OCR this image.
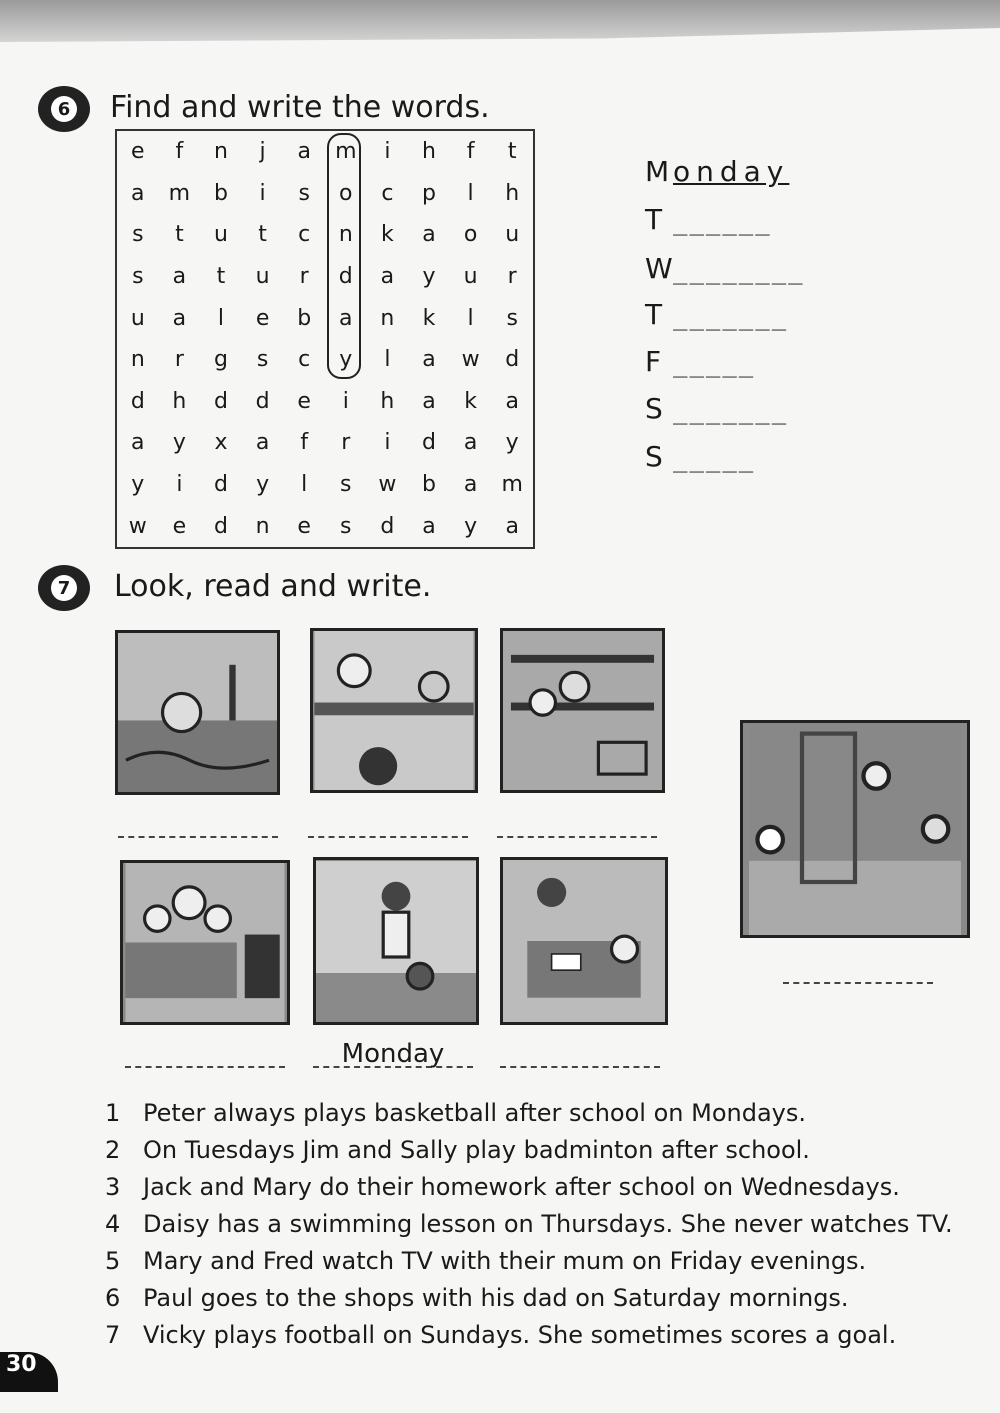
6 Find and write the words.
e	f	n	j	a	m	i	h	f	t
a	m	b	i	s	o	c	p	l	h
s	t	u	t	c	n	k	a	o	u
s	a	t	u	r	d	a	y	u	r
u	a	l	e	b	a	n	k	l	s
n	r	g	s	c	y	l	a	w	d
d	h	d	d	e	i	h	a	k	a
a	y	x	a	f	r	i	d	a	y
y	i	d	y	l	s	w	b	a	m
w	e	d	n	e	s	d	a	y	a
M onday
T ______
W ________
T _______
F _____
S _______
S _____
7 Look, read and write.
Monday
1 Peter always plays basketball after school on Mondays.
2 On Tuesdays Jim and Sally play badminton after school.
3 Jack and Mary do their homework after school on Wednesdays.
4 Daisy has a swimming lesson on Thursdays. She never watches TV.
5 Mary and Fred watch TV with their mum on Friday evenings.
6 Paul goes to the shops with his dad on Saturday mornings.
7 Vicky plays football on Sundays. She sometimes scores a goal.
30
